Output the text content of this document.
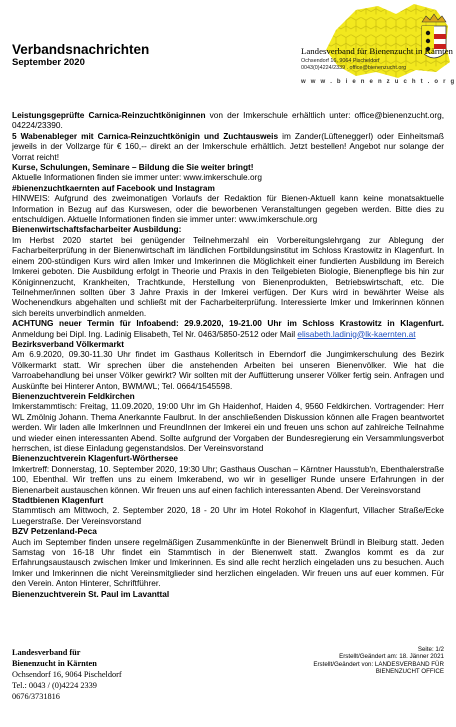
Verbandsnachrichten
September 2020
Landesverband für Bienenzucht in Kärnten
Ochsendorf 16, 9064 Pischeldorf
0043(0)4224/2339 . office@bienenzucht.org
w w w . b i e n e n z u c h t . o r g

Leistungsgeprüfte Carnica-Reinzuchtköniginnen von der Imkerschule erhältlich unter: office@bienenzucht.org, 04224/23390.

5 Wabenableger mit Carnica-Reinzuchtkönigin und Zuchtausweis im Zander(Lüfteneggerǀ) oder Einheitsmaß jeweils in der Vollzarge für € 160,-- direkt an der Imkerschule erhältlich. Jetzt bestellen! Angebot nur solange der Vorrat reicht!

Kurse, Schulungen, Seminare – Bildung die Sie weiter bringt!

Aktuelle Informationen finden sie immer unter: www.imkerschule.org

#bienenzuchtkaernten auf Facebook und Instagram

HINWEIS: Aufgrund des zweimonatigen Vorlaufs der Redaktion für Bienen-Aktuell kann keine monatsaktuelle Information in Bezug auf das Kurswesen, oder die beworbenen Veranstaltungen gegeben werden. Bitte dies zu entschuldigen. Aktuelle Informationen finden sie immer unter: www.imkerschule.org

Bienenwirtschaftsfacharbeiter Ausbildung:

Im Herbst 2020 startet bei genügender Teilnehmerzahl ein Vorbereitungslehrgang zur Ablegung der Facharbeiterprüfung in der Bienenwirtschaft im ländlichen Fortbildungsinstitut im Schloss Krastowitz in Klagenfurt. In einem 200-stündigen Kurs wird allen Imker und Imkerinnen die Möglichkeit einer fundierten Ausbildung im Bereich Imkerei geboten. Die Ausbildung erfolgt in Theorie und Praxis in den Teilgebieten Biologie, Bienenpflege bis hin zur Königinnenzucht, Krankheiten, Trachtkunde, Herstellung von Bienenprodukten, Betriebswirtschaft, etc. Die Teilnehmer/innen sollten über 3 Jahre Praxis in der Imkerei verfügen. Der Kurs wird in bewährter Weise als Wochenendkurs abgehalten und schließt mit der Facharbeiterprüfung. Interessierte Imker und Imkerinnen können sich bereits unverbindlich anmelden.

ACHTUNG neuer Termin für Infoabend: 29.9.2020, 19-21.00 Uhr im Schloss Krastowitz in Klagenfurt. Anmeldung bei Dipl. Ing. Ladinig Elisabeth, Tel Nr. 0463/5850-2512 oder Mail elisabeth.ladinig@lk-kaernten.at

Bezirksverband Völkermarkt

Am 6.9.2020, 09.30-11.30 Uhr findet im Gasthaus Kolleritsch in Eberndorf die Jungimkerschulung des Bezirk Völkermarkt statt. Wir sprechen über die anstehenden Arbeiten bei unseren Bienenvölker. Wie hat die Varroabehandlung bei unser Völker gewirkt? Wir sollten mit der Auffütterung unserer Völker fertig sein. Anfragen und Auskünfte bei Hinterer Anton, BWM/WL; Tel. 0664/1545598.

Bienenzuchtverein Feldkirchen

Imkerstammtisch: Freitag, 11.09.2020, 19:00 Uhr im Gh Haidenhof, Haiden 4, 9560 Feldkirchen. Vortragender: Herr WL Zmölnig Johann. Thema Anerkannte Faulbrut. In der anschließenden Diskussion können alle Fragen beantwortet werden. Wir laden alle ImkerInnen und FreundInnen der Imkerei ein und freuen uns schon auf zahlreiche Teilnahme und wieder einen interessanten Abend. Sollte aufgrund der Vorgaben der Bundesregierung ein Versammlungsverbot herrschen, ist diese Einladung gegenstandslos. Der Vereinsvorstand

Bienenzuchtverein Klagenfurt-Wörthersee

Imkertreff: Donnerstag, 10. September 2020, 19:30 Uhr; Gasthaus Ouschan – Kärntner Hausstub'n, Ebenthalerstraße 100, Ebenthal. Wir treffen uns zu einem Imkerabend, wo wir in geselliger Runde unsere Erfahrungen in der Bienenarbeit austauschen können. Wir freuen uns auf einen fachlich interessanten Abend. Der Vereinsvorstand

Stadtbienen Klagenfurt

Stammtisch am Mittwoch, 2. September 2020, 18 - 20 Uhr im Hotel Rokohof in Klagenfurt, Villacher Straße/Ecke Luegerstraße. Der Vereinsvorstand

BZV Petzenland-Peca

Auch im September finden unsere regelmäßigen Zusammenkünfte in der Bienenwelt Bründl in Bleiburg statt. Jeden Samstag von 16-18 Uhr findet ein Stammtisch in der Bienenwelt statt. Zwanglos kommt es da zur Erfahrungsaustausch zwischen Imker und Imkerinnen. Es sind alle recht herzlich eingeladen uns zu besuchen. Auch Imker und Imkerinnen die nicht Vereinsmitglieder sind herzlichen eingeladen. Wir freuen uns auf euer kommen. Für den Verein. Anton Hinterer, Schriftführer.

Bienenzuchtverein St. Paul im Lavanttal

Landesverband für
Bienenzucht in Kärnten
Ochsendorf 16, 9064 Pischeldorf
Tel.: 0043 / (0)4224 2339
0676/3731816
Seite: 1/2
Erstellt/Geändert am: 18. Jänner 2021
Erstellt/Geändert von: LANDESVERBAND FÜR
BIENENZUCHT OFFICE
